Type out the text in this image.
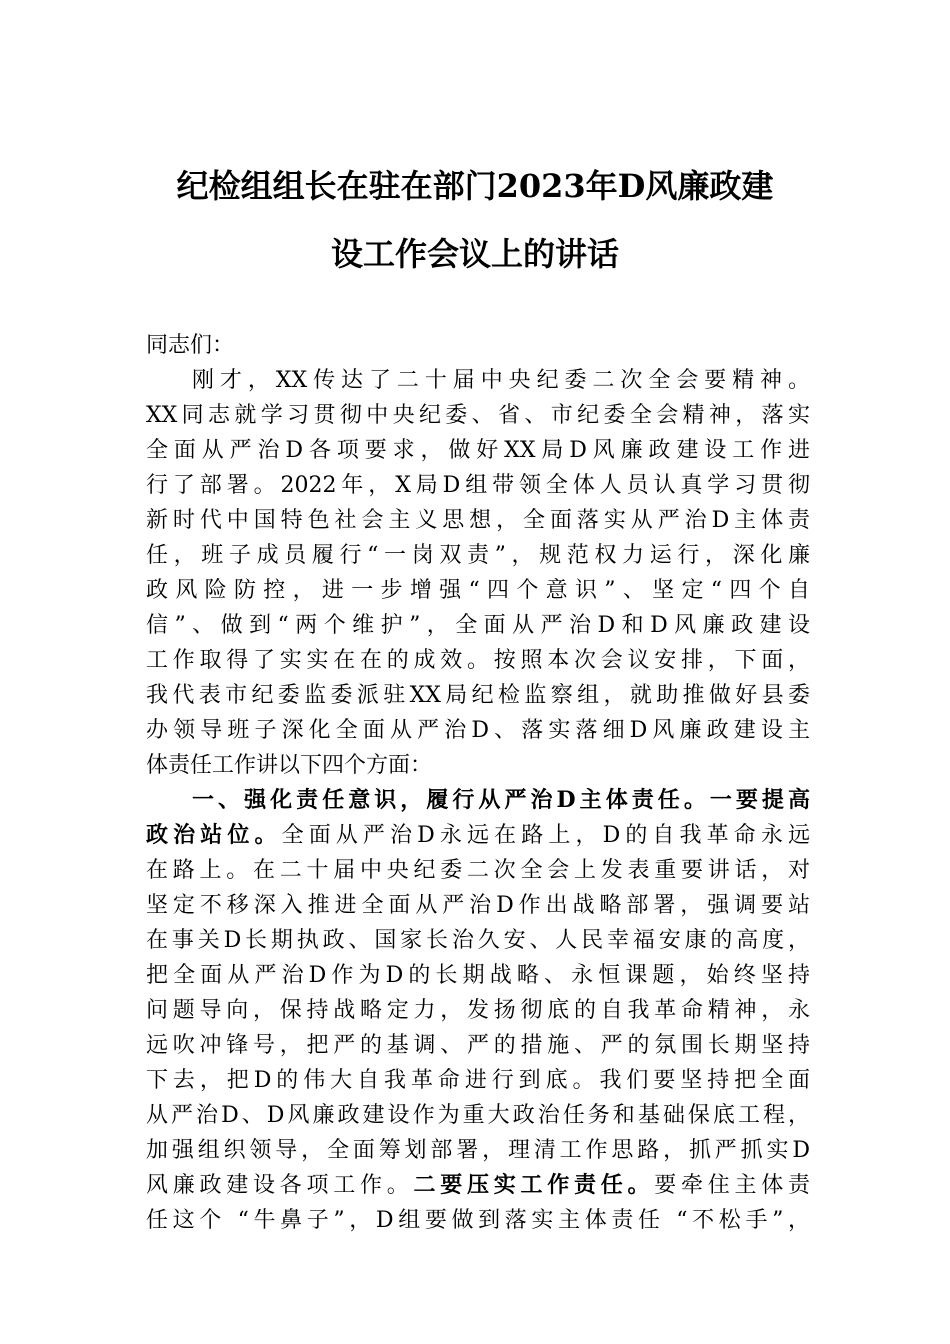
纪检组组长在驻在部门2023年D风廉政建
设工作会议上的讲话
同志们：
刚才，XX传达了二十届中央纪委二次全会要精神。
XX同志就学习贯彻中央纪委、省、市纪委全会精神，落实
全面从严治D各项要求，做好XX局D风廉政建设工作进
行了部署。2022年，X局D组带领全体人员认真学习贯彻
新时代中国特色社会主义思想，全面落实从严治D主体责
任，班子成员履行“一岗双责”，规范权力运行，深化廉
政风险防控，进一步增强“四个意识”、坚定“四个自
信”、做到“两个维护”，全面从严治D和D风廉政建设
工作取得了实实在在的成效。按照本次会议安排，下面，
我代表市纪委监委派驻XX局纪检监察组，就助推做好县委
办领导班子深化全面从严治D、落实落细D风廉政建设主
体责任工作讲以下四个方面：
一、强化责任意识，履行从严治D主体责任。一要提高
政治站位。全面从严治D永远在路上，D的自我革命永远
在路上。在二十届中央纪委二次全会上发表重要讲话，对
坚定不移深入推进全面从严治D作出战略部署，强调要站
在事关D长期执政、国家长治久安、人民幸福安康的高度，
把全面从严治D作为D的长期战略、永恒课题，始终坚持
问题导向，保持战略定力，发扬彻底的自我革命精神，永
远吹冲锋号，把严的基调、严的措施、严的氛围长期坚持
下去，把D的伟大自我革命进行到底。我们要坚持把全面
从严治D、D风廉政建设作为重大政治任务和基础保底工程，
加强组织领导，全面筹划部署，理清工作思路，抓严抓实D
风廉政建设各项工作。二要压实工作责任。要牵住主体责
任这个 “牛鼻子”，D组要做到落实主体责任 “不松手”，
